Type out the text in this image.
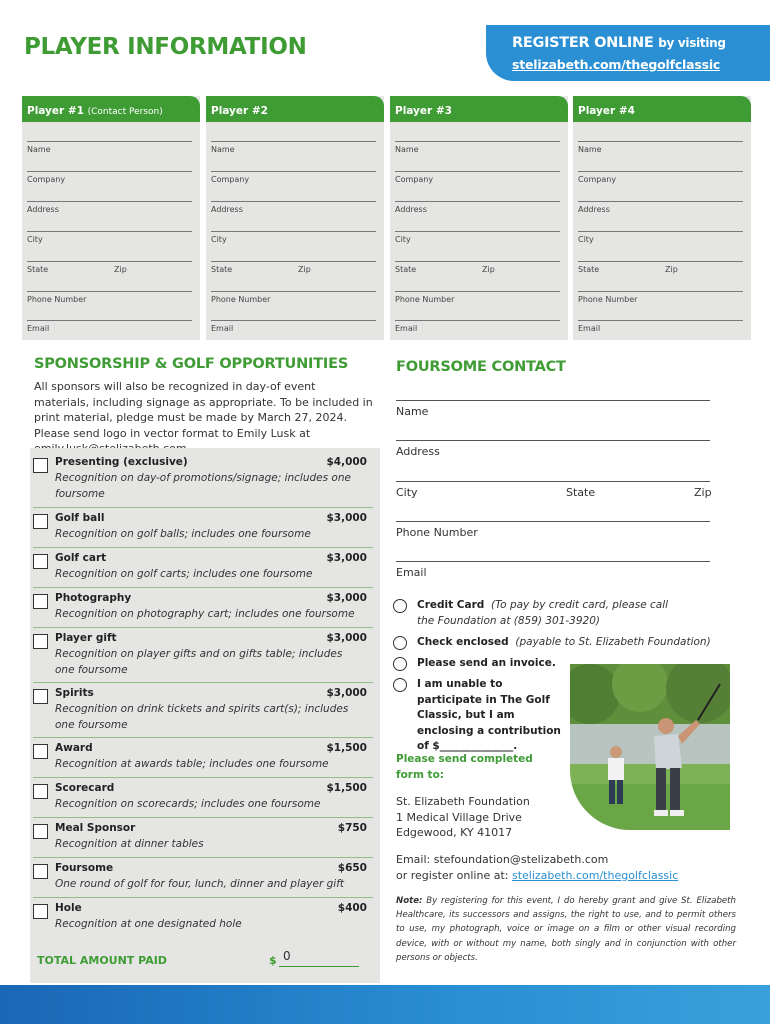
PLAYER INFORMATION	REGISTER ONLINE by visiting
stelizabeth.com/thegolfclassic
Player #1 (Contact Person)
Name
Company
Address
City
State	Zip
Phone Number
Email
Player #2
Name
Company
Address
City
State	Zip
Phone Number
Email
Player #3
Name
Company
Address
City
State	Zip
Phone Number
Email
Player #4
Name
Company
Address
City
State	Zip
Phone Number
Email
SPONSORSHIP & GOLF OPPORTUNITIES
All sponsors will also be recognized in day-of event materials, including signage as appropriate. To be included in print material, pledge must be made by March 27, 2024. Please send logo in vector format to Emily Lusk at
Presenting (exclusive)	$4,000
Recognition on day-of promotions/signage; includes one foursome
Golf ball	$3,000
Recognition on golf balls; includes one foursome
Golf cart	$3,000
Recognition on golf carts; includes one foursome
Photography	$3,000
Recognition on photography cart; includes one foursome
Player gift	$3,000
Recognition on player gifts and on gifts table; includes one foursome
Spirits	$3,000
Recognition on drink tickets and spirits cart(s); includes one foursome
Award	$1,500
Recognition at awards table; includes one foursome
Scorecard	$1,500
Recognition on scorecards; includes one foursome
Meal Sponsor	$750
Recognition at dinner tables
Foursome	$650
One round of golf for four, lunch, dinner and player gift
Hole	$400
Recognition at one designated hole
TOTAL AMOUNT PAID	$ 0
FOURSOME CONTACT
Name
Address
City	State	Zip
Phone Number
Email
Credit Card (To pay by credit card, please call the Foundation at (859) 301-3920)
Check enclosed (payable to St. Elizabeth Foundation)
Please send an invoice.
I am unable to participate in The Golf Classic, but I am enclosing a contribution of $______________.
Please send completed form to:
St. Elizabeth Foundation
1 Medical Village Drive
Edgewood, KY 41017
Email: stefoundation@stelizabeth.com
or register online at: stelizabeth.com/thegolfclassic
Note: By registering for this event, I do hereby grant and give St. Elizabeth Healthcare, its successors and assigns, the right to use, and to permit others to use, my photograph, voice or image on a film or other visual recording device, with or without my name, both singly and in conjunction with other persons or objects.
